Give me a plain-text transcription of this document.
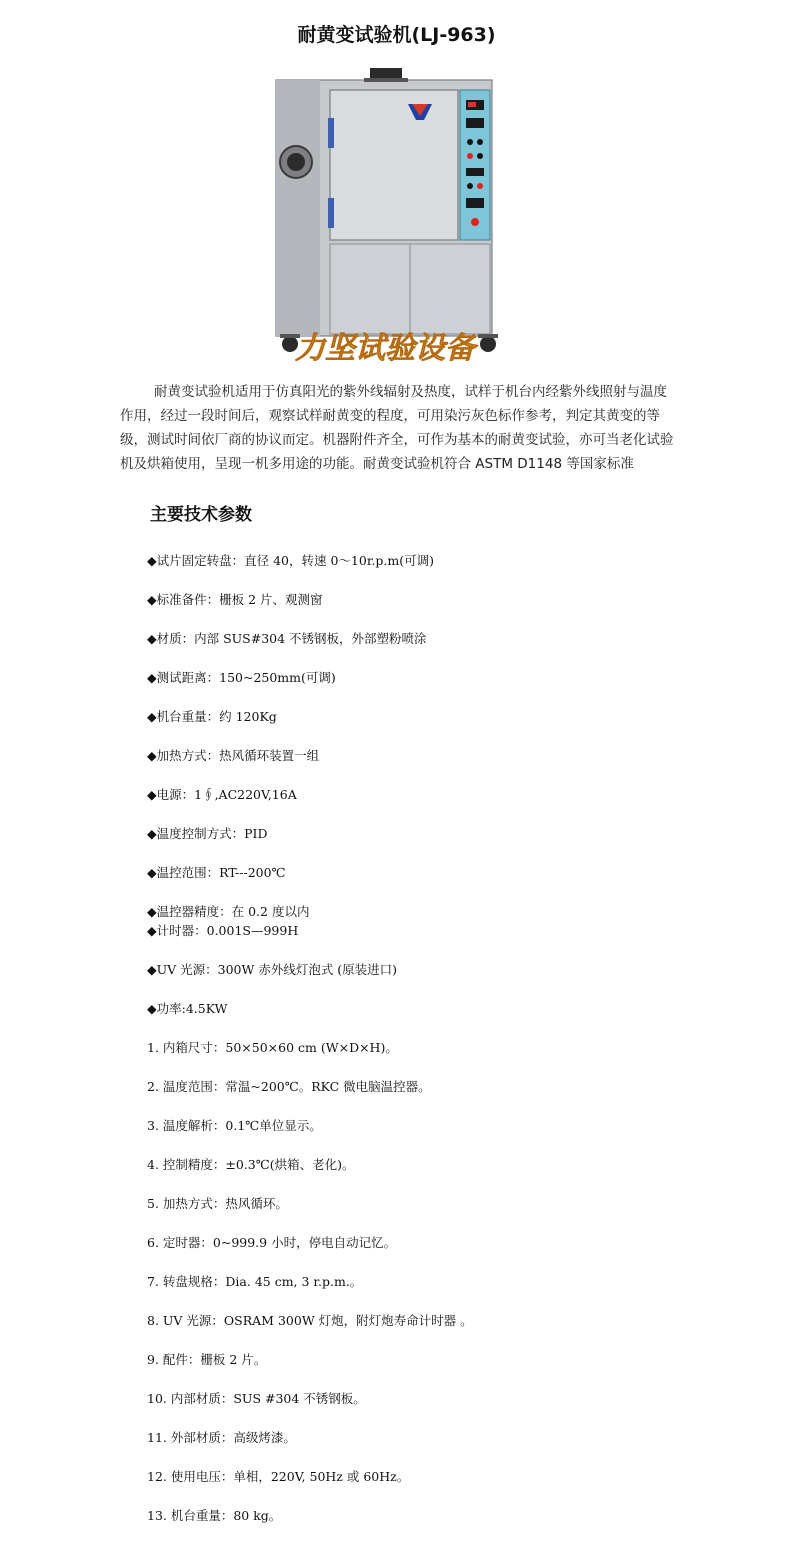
耐黄变试验机(LJ-963)
力坚试验设备

耐黄变试验机适用于仿真阳光的紫外线辐射及热度，试样于机台内经紫外线照射与温度作用，经过一段时间后，观察试样耐黄变的程度，可用染污灰色标作参考，判定其黄变的等级，测试时间依厂商的协议而定。机器附件齐全，可作为基本的耐黄变试验，亦可当老化试验机及烘箱使用，呈现一机多用途的功能。耐黄变试验机符合 ASTM D1148 等国家标准

主要技术参数
◆试片固定转盘：直径 40，转速 0～10r.p.m(可调)
◆标准备件：栅板 2 片、观测窗
◆材质：内部 SUS#304 不锈钢板，外部塑粉喷涂
◆测试距离：150~250mm(可调)
◆机台重量：约 120Kg
◆加热方式：热风循环装置一组
◆电源：1∮,AC220V,16A
◆温度控制方式：PID
◆温控范围：RT---200℃
◆温控器精度：在 0.2 度以内
◆计时器：0.001S—999H
◆UV 光源：300W 赤外线灯泡式 (原装进口)
◆功率:4.5KW
1. 内箱尺寸：50×50×60 cm (W×D×H)。
2. 温度范围：常温~200℃。RKC 微电脑温控器。
3. 温度解析：0.1℃单位显示。
4. 控制精度：±0.3℃(烘箱、老化)。
5. 加热方式：热风循环。
6. 定时器：0~999.9 小时，停电自动记忆。
7. 转盘规格：Dia. 45 cm, 3 r.p.m.。
8. UV 光源：OSRAM 300W 灯炮，附灯炮寿命计时器 。
9. 配件：栅板 2 片。
10. 内部材质：SUS #304 不锈钢板。
11. 外部材质：高级烤漆。
12. 使用电压：单相，220V, 50Hz 或 60Hz。
13. 机台重量：80 kg。
